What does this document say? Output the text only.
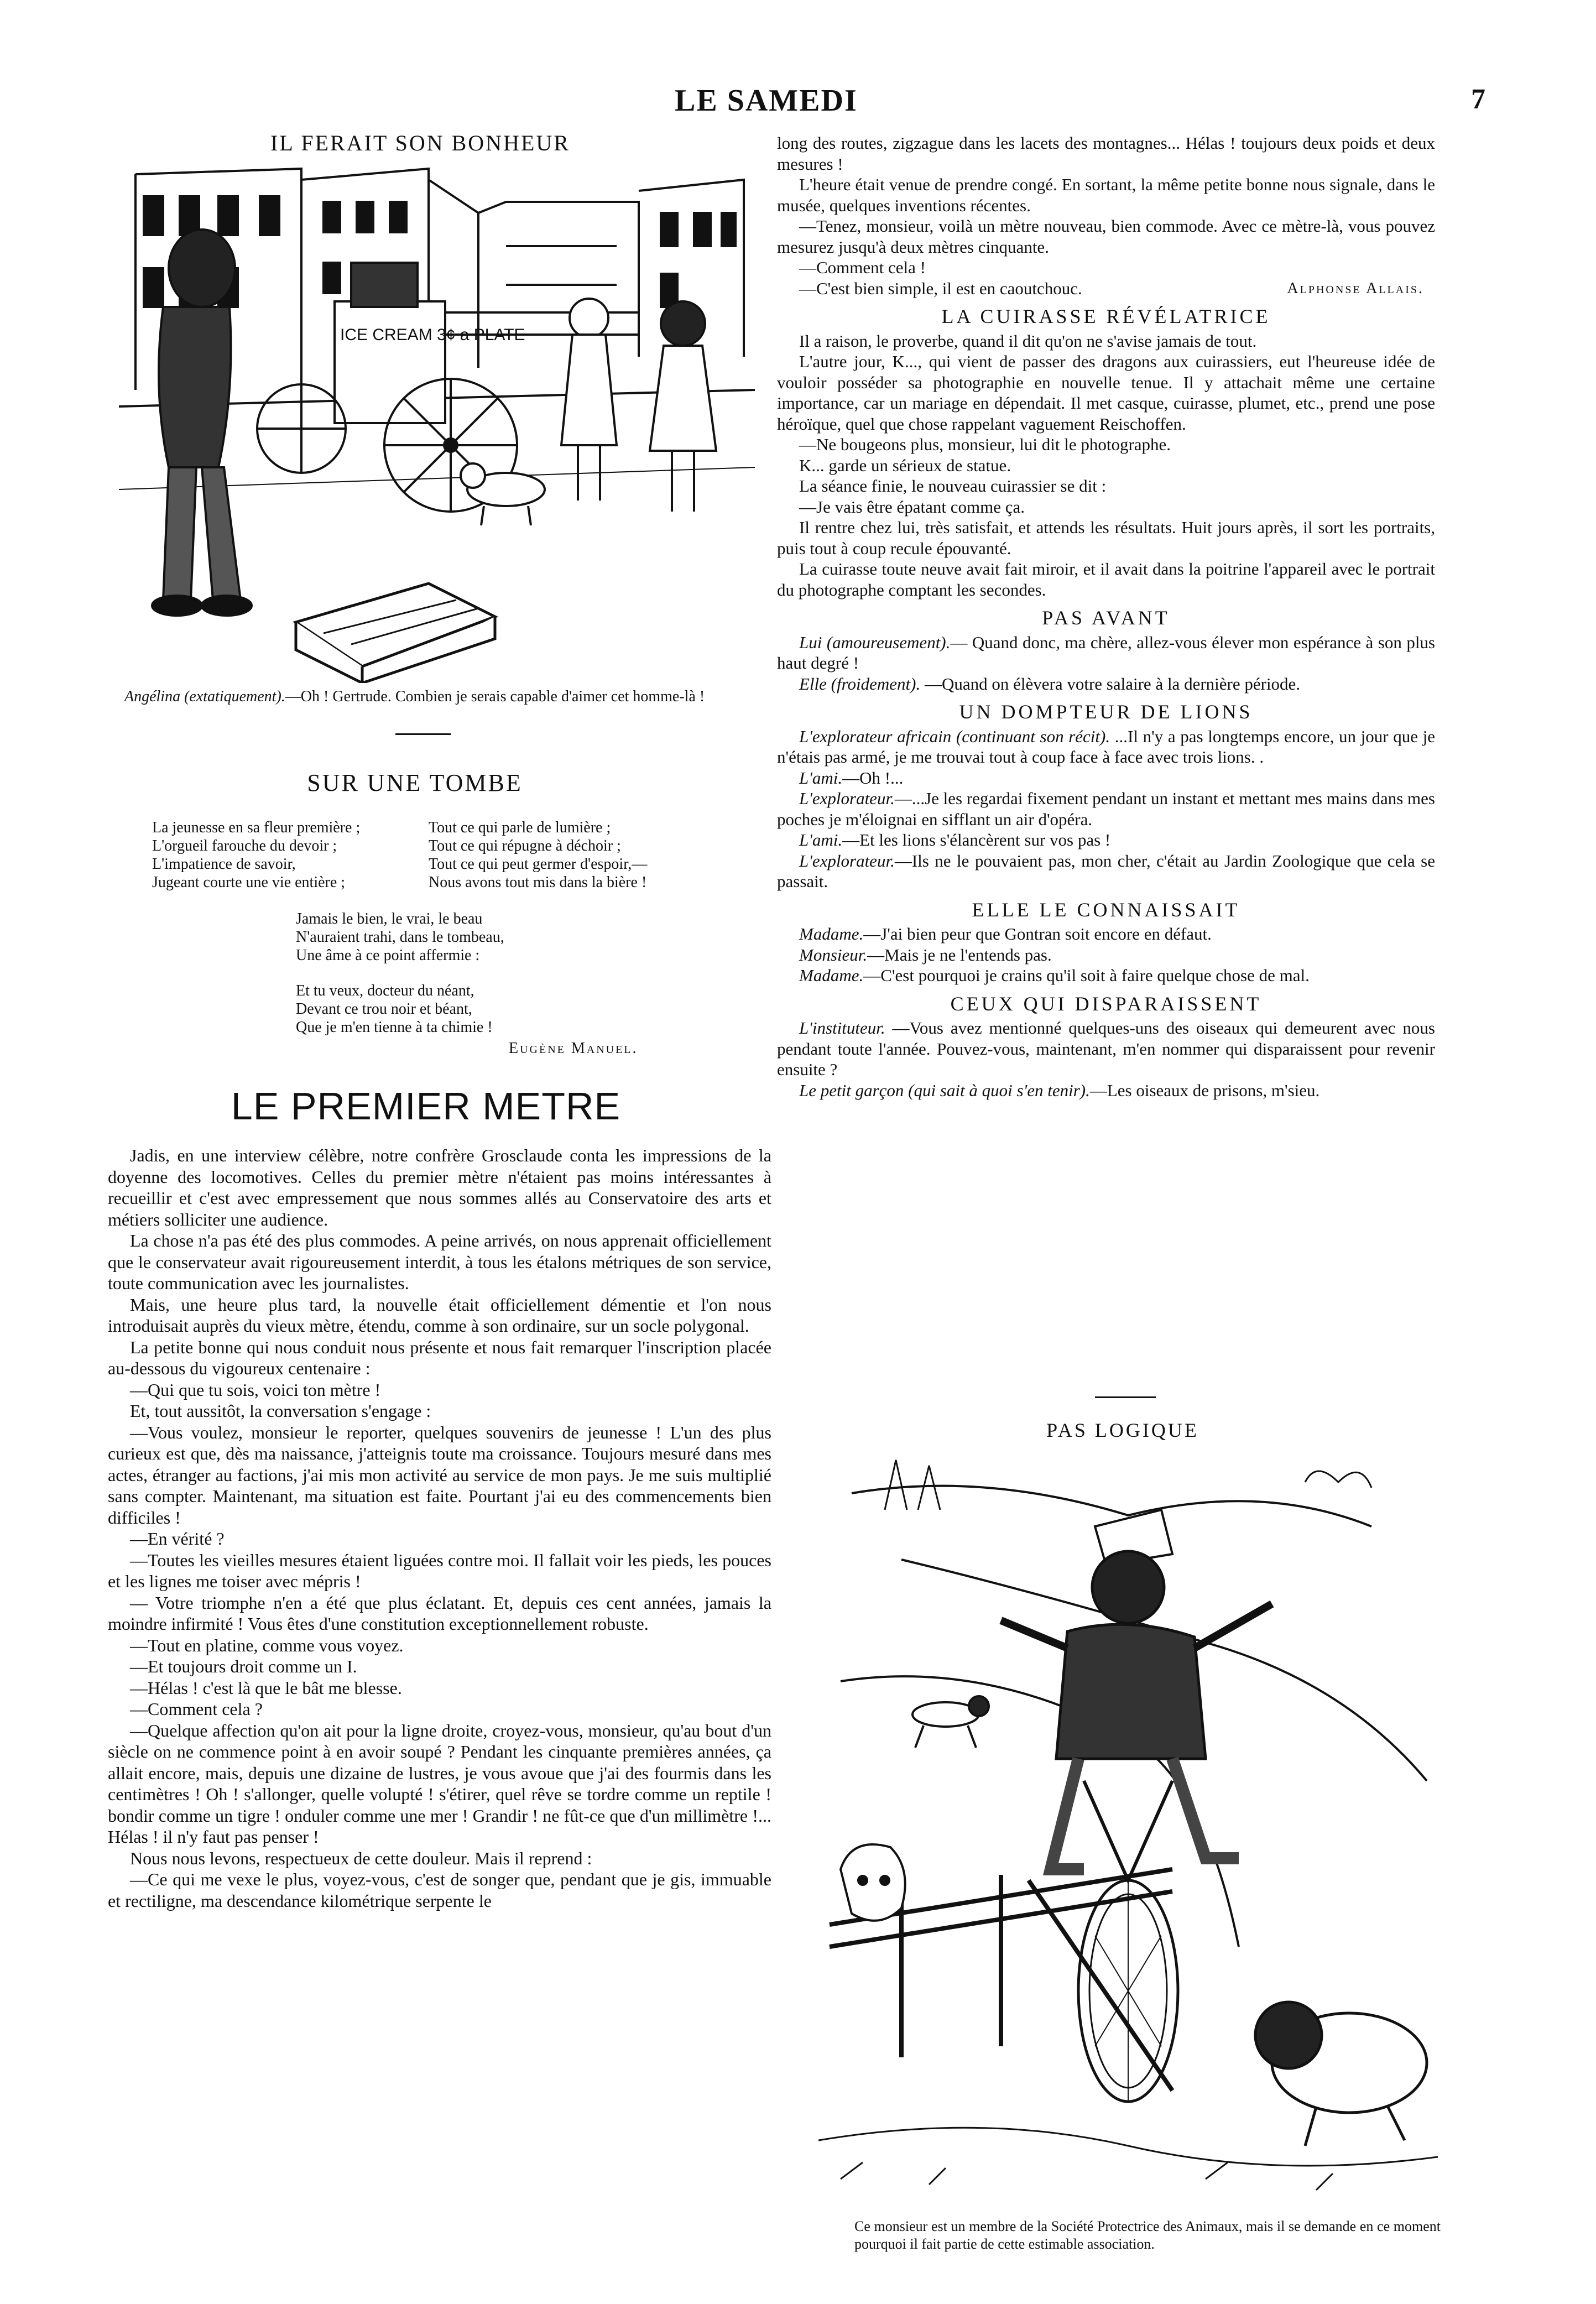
LE SAMEDI	7
IL FERAIT SON BONHEUR
ICE CREAM 3¢ a PLATE
Angélina (extatiquement).—Oh ! Gertrude. Combien je serais capable d'aimer cet homme-là !
SUR UNE TOMBE
La jeunesse en sa fleur première ;
L'orgueil farouche du devoir ;
L'impatience de savoir,
Jugeant courte une vie entière ;
Tout ce qui parle de lumière ;
Tout ce qui répugne à déchoir ;
Tout ce qui peut germer d'espoir,—
Nous avons tout mis dans la bière !
Jamais le bien, le vrai, le beau
N'auraient trahi, dans le tombeau,
Une âme à ce point affermie :
Et tu veux, docteur du néant,
Devant ce trou noir et béant,
Que je m'en tienne à ta chimie !
Eugène Manuel.
LE PREMIER METRE

Jadis, en une interview célèbre, notre confrère Grosclaude conta les impressions de la doyenne des locomotives. Celles du premier mètre n'étaient pas moins intéressantes à recueillir et c'est avec empressement que nous sommes allés au Conservatoire des arts et métiers solliciter une audience.

La chose n'a pas été des plus commodes. A peine arrivés, on nous apprenait officiellement que le conservateur avait rigoureusement interdit, à tous les étalons métriques de son service, toute communication avec les journalistes.

Mais, une heure plus tard, la nouvelle était officiellement démentie et l'on nous introduisait auprès du vieux mètre, étendu, comme à son ordinaire, sur un socle polygonal.

La petite bonne qui nous conduit nous présente et nous fait remarquer l'inscription placée au-dessous du vigoureux centenaire :

—Qui que tu sois, voici ton mètre !

Et, tout aussitôt, la conversation s'engage :

—Vous voulez, monsieur le reporter, quelques souvenirs de jeunesse ! L'un des plus curieux est que, dès ma naissance, j'atteignis toute ma croissance. Toujours mesuré dans mes actes, étranger au factions, j'ai mis mon activité au service de mon pays. Je me suis multiplié sans compter. Maintenant, ma situation est faite. Pourtant j'ai eu des commencements bien difficiles !

—En vérité ?

—Toutes les vieilles mesures étaient liguées contre moi. Il fallait voir les pieds, les pouces et les lignes me toiser avec mépris !

— Votre triomphe n'en a été que plus éclatant. Et, depuis ces cent années, jamais la moindre infirmité ! Vous êtes d'une constitution exceptionnellement robuste.

—Tout en platine, comme vous voyez.

—Et toujours droit comme un I.

—Hélas ! c'est là que le bât me blesse.

—Comment cela ?

—Quelque affection qu'on ait pour la ligne droite, croyez-vous, monsieur, qu'au bout d'un siècle on ne commence point à en avoir soupé ? Pendant les cinquante premières années, ça allait encore, mais, depuis une dizaine de lustres, je vous avoue que j'ai des fourmis dans les centimètres ! Oh ! s'allonger, quelle volupté ! s'étirer, quel rêve se tordre comme un reptile ! bondir comme un tigre ! onduler comme une mer ! Grandir ! ne fût-ce que d'un millimètre !... Hélas ! il n'y faut pas penser !

Nous nous levons, respectueux de cette douleur. Mais il reprend :

—Ce qui me vexe le plus, voyez-vous, c'est de songer que, pendant que je gis, immuable et rectiligne, ma descendance kilométrique serpente le

long des routes, zigzague dans les lacets des montagnes... Hélas ! toujours deux poids et deux mesures !

L'heure était venue de prendre congé. En sortant, la même petite bonne nous signale, dans le musée, quelques inventions récentes.

—Tenez, monsieur, voilà un mètre nouveau, bien commode. Avec ce mètre-là, vous pouvez mesurez jusqu'à deux mètres cinquante.

—Comment cela !

—C'est bien simple, il est en caoutchouc.	Alphonse Allais.

LA CUIRASSE RÉVÉLATRICE

Il a raison, le proverbe, quand il dit qu'on ne s'avise jamais de tout.

L'autre jour, K..., qui vient de passer des dragons aux cuirassiers, eut l'heureuse idée de vouloir posséder sa photographie en nouvelle tenue. Il y attachait même une certaine importance, car un mariage en dépendait. Il met casque, cuirasse, plumet, etc., prend une pose héroïque, quel que chose rappelant vaguement Reischoffen.

—Ne bougeons plus, monsieur, lui dit le photographe.

K... garde un sérieux de statue.

La séance finie, le nouveau cuirassier se dit :

—Je vais être épatant comme ça.

Il rentre chez lui, très satisfait, et attends les résultats. Huit jours après, il sort les portraits, puis tout à coup recule épouvanté.

La cuirasse toute neuve avait fait miroir, et il avait dans la poitrine l'appareil avec le portrait du photographe comptant les secondes.

PAS AVANT

Lui (amoureusement).— Quand donc, ma chère, allez-vous élever mon espérance à son plus haut degré !

Elle (froidement). —Quand on élèvera votre salaire à la dernière période.

UN DOMPTEUR DE LIONS

L'explorateur africain (continuant son récit). ...Il n'y a pas longtemps encore, un jour que je n'étais pas armé, je me trouvai tout à coup face à face avec trois lions. .

L'ami.—Oh !...

L'explorateur.—...Je les regardai fixement pendant un instant et mettant mes mains dans mes poches je m'éloignai en sifflant un air d'opéra.

L'ami.—Et les lions s'élancèrent sur vos pas !

L'explorateur.—Ils ne le pouvaient pas, mon cher, c'était au Jardin Zoologique que cela se passait.

ELLE LE CONNAISSAIT

Madame.—J'ai bien peur que Gontran soit encore en défaut.

Monsieur.—Mais je ne l'entends pas.

Madame.—C'est pourquoi je crains qu'il soit à faire quelque chose de mal.

CEUX QUI DISPARAISSENT

L'instituteur. —Vous avez mentionné quelques-uns des oiseaux qui demeurent avec nous pendant toute l'année. Pouvez-vous, maintenant, m'en nommer qui disparaissent pour revenir ensuite ?

Le petit garçon (qui sait à quoi s'en tenir).—Les oiseaux de prisons, m'sieu.

PAS LOGIQUE
Ce monsieur est un membre de la Société Protectrice des Animaux, mais il se demande en ce moment pourquoi il fait partie de cette estimable association.
